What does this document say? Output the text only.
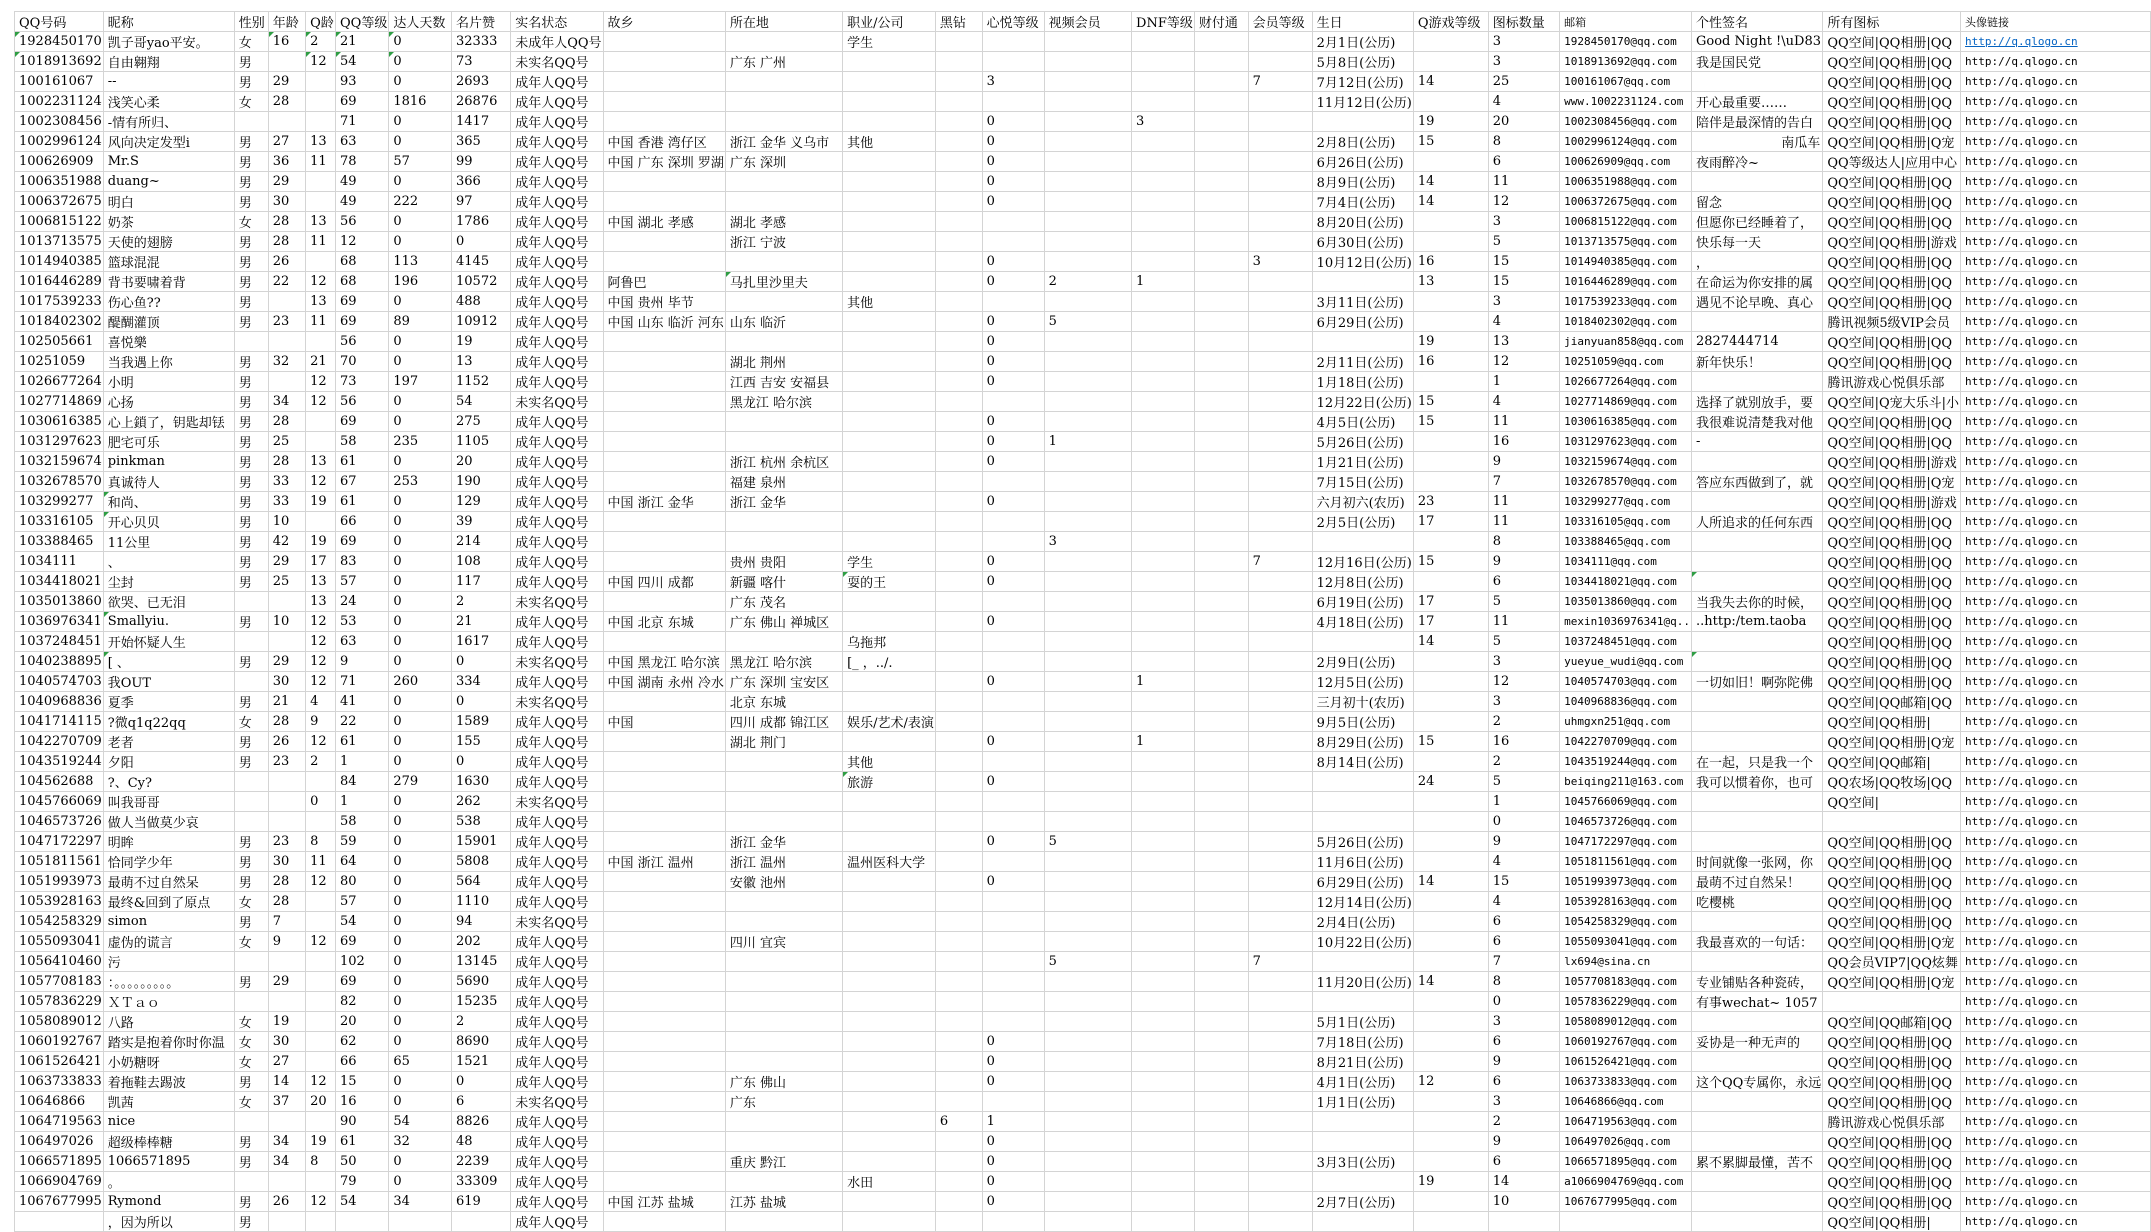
QQ号码	昵称	性别	年龄	Q龄	QQ等级	达人天数	名片赞	实名状态	故乡	所在地	职业/公司	黑钻	心悦等级	视频会员	DNF等级	财付通	会员等级	生日	Q游戏等级	图标数量	邮箱	个性签名	所有图标	头像链接
1928450170	凯子哥yao平安。	女	16	2	21	0	32333	未成年人QQ号			学生							2月1日(公历)		3	1928450170@qq.com	Good Night !\uD83	QQ空间|QQ相册|QQ	http://q.qlogo.cn
1018913692	自由翱翔	男		12	54	0	73	未实名QQ号		广东 广州								5月8日(公历)		3	1018913692@qq.com	我是国民党	QQ空间|QQ相册|QQ	http://q.qlogo.cn
100161067	--	男	29		93	0	2693	成年人QQ号					3				7	7月12日(公历)	14	25	100161067@qq.com		QQ空间|QQ相册|QQ	http://q.qlogo.cn
1002231124	浅笑心柔	女	28		69	1816	26876	成年人QQ号										11月12日(公历)		4	www.1002231124.com	开心最重要……	QQ空间|QQ相册|QQ	http://q.qlogo.cn
1002308456	-情有所归、				71	0	1417	成年人QQ号					0		3				19	20	1002308456@qq.com	陪伴是最深情的告白	QQ空间|QQ相册|QQ	http://q.qlogo.cn
1002996124	风向决定发型i	男	27	13	63	0	365	成年人QQ号	中国 香港 湾仔区	浙江 金华 义乌市	其他		0					2月8日(公历)	15	8	1002996124@qq.com	南瓜车	QQ空间|QQ相册|Q宠	http://q.qlogo.cn
100626909	Mr.S	男	36	11	78	57	99	成年人QQ号	中国 广东 深圳 罗湖	广东 深圳			0					6月26日(公历)		6	100626909@qq.com	夜雨醉冷~	QQ等级达人|应用中心	http://q.qlogo.cn
1006351988	duang~	男	29		49	0	366	成年人QQ号					0					8月9日(公历)	14	11	1006351988@qq.com		QQ空间|QQ相册|QQ	http://q.qlogo.cn
1006372675	明白	男	30		49	222	97	成年人QQ号					0					7月4日(公历)	14	12	1006372675@qq.com	留念	QQ空间|QQ相册|QQ	http://q.qlogo.cn
1006815122	奶茶	女	28	13	56	0	1786	成年人QQ号	中国 湖北 孝感	湖北 孝感								8月20日(公历)		3	1006815122@qq.com	但愿你已经睡着了，	QQ空间|QQ相册|QQ	http://q.qlogo.cn
1013713575	天使的翅膀	男	28	11	12	0	0	成年人QQ号		浙江 宁波								6月30日(公历)		5	1013713575@qq.com	快乐每一天	QQ空间|QQ相册|游戏	http://q.qlogo.cn
1014940385	篮球混混	男	26		68	113	4145	成年人QQ号					0				3	10月12日(公历)	16	15	1014940385@qq.com	，	QQ空间|QQ相册|QQ	http://q.qlogo.cn
1016446289	背书要啸着背	男	22	12	68	196	10572	成年人QQ号	阿鲁巴	马扎里沙里夫			0	2	1				13	15	1016446289@qq.com	在命运为你安排的属	QQ空间|QQ相册|QQ	http://q.qlogo.cn
1017539233	伤心鱼??	男		13	69	0	488	成年人QQ号	中国 贵州 毕节		其他							3月11日(公历)		3	1017539233@qq.com	遇见不论早晚、真心	QQ空间|QQ相册|QQ	http://q.qlogo.cn
1018402302	醍醐灌顶	男	23	11	69	89	10912	成年人QQ号	中国 山东 临沂 河东	山东 临沂			0	5				6月29日(公历)		4	1018402302@qq.com		腾讯视频5级VIP会员	http://q.qlogo.cn
102505661	喜悦樂				56	0	19	成年人QQ号					0						19	13	jianyuan858@qq.com	2827444714	QQ空间|QQ相册|QQ	http://q.qlogo.cn
10251059	当我遇上你	男	32	21	70	0	13	成年人QQ号		湖北 荆州			0					2月11日(公历)	16	12	10251059@qq.com	新年快乐！	QQ空间|QQ相册|QQ	http://q.qlogo.cn
1026677264	小明	男		12	73	197	1152	成年人QQ号		江西 吉安 安福县			0					1月18日(公历)		1	1026677264@qq.com		腾讯游戏心悦俱乐部	http://q.qlogo.cn
1027714869	心扬	男	34	12	56	0	54	未实名QQ号		黑龙江 哈尔滨								12月22日(公历)	15	4	1027714869@qq.com	选择了就别放手，要	QQ空间|Q宠大乐斗|小	http://q.qlogo.cn
1030616385	心上鎖了，钥匙却铥	男	28		69	0	275	成年人QQ号					0					4月5日(公历)	15	11	1030616385@qq.com	我很难说清楚我对他	QQ空间|QQ相册|QQ	http://q.qlogo.cn
1031297623	肥宅可乐	男	25		58	235	1105	成年人QQ号					0	1				5月26日(公历)		16	1031297623@qq.com	-	QQ空间|QQ相册|QQ	http://q.qlogo.cn
1032159674	pinkman	男	28	13	61	0	20	成年人QQ号		浙江 杭州 余杭区			0					1月21日(公历)		9	1032159674@qq.com		QQ空间|QQ相册|游戏	http://q.qlogo.cn
1032678570	真诚待人	男	33	12	67	253	190	成年人QQ号		福建 泉州								7月15日(公历)		7	1032678570@qq.com	答应东西做到了，就	QQ空间|QQ相册|Q宠	http://q.qlogo.cn
103299277	和尚、	男	33	19	61	0	129	成年人QQ号	中国 浙江 金华	浙江 金华			0					六月初六(农历)	23	11	103299277@qq.com		QQ空间|QQ相册|游戏	http://q.qlogo.cn
103316105	开心贝贝	男	10		66	0	39	成年人QQ号										2月5日(公历)	17	11	103316105@qq.com	人所追求的任何东西	QQ空间|QQ相册|QQ	http://q.qlogo.cn
103388465	11公里	男	42	19	69	0	214	成年人QQ号						3						8	103388465@qq.com		QQ空间|QQ相册|QQ	http://q.qlogo.cn
1034111	、	男	29	17	83	0	108	成年人QQ号		贵州 贵阳	学生		0				7	12月16日(公历)	15	9	1034111@qq.com		QQ空间|QQ相册|QQ	http://q.qlogo.cn
1034418021	尘封	男	25	13	57	0	117	成年人QQ号	中国 四川 成都	新疆 喀什	耍的王		0					12月8日(公历)		6	1034418021@qq.com		QQ空间|QQ相册|QQ	http://q.qlogo.cn
1035013860	欲哭、已无泪			13	24	0	2	未实名QQ号		广东 茂名								6月19日(公历)	17	5	1035013860@qq.com	当我失去你的时候，	QQ空间|QQ相册|QQ	http://q.qlogo.cn
1036976341	Smallyiu.	男	10	12	53	0	21	成年人QQ号	中国 北京 东城	广东 佛山 禅城区			0					4月18日(公历)	17	11	mexin1036976341@q..	..http:/tem.taoba	QQ空间|QQ相册|QQ	http://q.qlogo.cn
1037248451	开始怀疑人生			12	63	0	1617	成年人QQ号			乌拖邦								14	5	1037248451@qq.com		QQ空间|QQ相册|QQ	http://q.qlogo.cn
1040238895	[ 、	男	29	12	9	0	0	未实名QQ号	中国 黑龙江 哈尔滨	黑龙江 哈尔滨	[_ ，../.							2月9日(公历)		3	yueyue_wudi@qq.com		QQ空间|QQ相册|QQ	http://q.qlogo.cn
1040574703	我OUT		30	12	71	260	334	成年人QQ号	中国 湖南 永州 冷水	广东 深圳 宝安区			0		1			12月5日(公历)		12	1040574703@qq.com	一切如旧！啊弥陀佛	QQ空间|QQ相册|QQ	http://q.qlogo.cn
1040968836	夏季	男	21	4	41	0	0	未实名QQ号		北京 东城								三月初十(农历)		3	1040968836@qq.com		QQ空间|QQ邮箱|QQ	http://q.qlogo.cn
1041714115	?微q1q22qq	女	28	9	22	0	1589	成年人QQ号	中国	四川 成都 锦江区	娱乐/艺术/表演							9月5日(公历)		2	uhmgxn251@qq.com		QQ空间|QQ相册|	http://q.qlogo.cn
1042270709	老者	男	26	12	61	0	155	成年人QQ号		湖北 荆门			0		1			8月29日(公历)	15	16	1042270709@qq.com		QQ空间|QQ相册|Q宠	http://q.qlogo.cn
1043519244	夕阳	男	23	2	1	0	0	成年人QQ号			其他							8月14日(公历)		2	1043519244@qq.com	在一起，只是我一个	QQ空间|QQ邮箱|	http://q.qlogo.cn
104562688	?、Cy?				84	279	1630	成年人QQ号			旅游		0						24	5	beiqing211@163.com	我可以惯着你，也可	QQ农场|QQ牧场|QQ	http://q.qlogo.cn
1045766069	叫我哥哥			0	1	0	262	未实名QQ号												1	1045766069@qq.com		QQ空间|	http://q.qlogo.cn
1046573726	做人当做莫少哀				58	0	538	成年人QQ号												0	1046573726@qq.com			http://q.qlogo.cn
1047172297	明眸	男	23	8	59	0	15901	成年人QQ号		浙江 金华			0	5				5月26日(公历)		9	1047172297@qq.com		QQ空间|QQ相册|QQ	http://q.qlogo.cn
1051811561	恰同学少年	男	30	11	64	0	5808	成年人QQ号	中国 浙江 温州	浙江 温州	温州医科大学							11月6日(公历)		4	1051811561@qq.com	时间就像一张网，你	QQ空间|QQ相册|QQ	http://q.qlogo.cn
1051993973	最萌不过自然呆	男	28	12	80	0	564	成年人QQ号		安徽 池州			0					6月29日(公历)	14	15	1051993973@qq.com	最萌不过自然呆！	QQ空间|QQ相册|QQ	http://q.qlogo.cn
1053928163	最终&回到了原点	女	28		57	0	1110	成年人QQ号										12月14日(公历)		4	1053928163@qq.com	吃樱桃	QQ空间|QQ相册|QQ	http://q.qlogo.cn
1054258329	simon	男	7		54	0	94	未实名QQ号										2月4日(公历)		6	1054258329@qq.com		QQ空间|QQ相册|QQ	http://q.qlogo.cn
1055093041	虚伪的谎言	女	9	12	69	0	202	成年人QQ号		四川 宜宾								10月22日(公历)		6	1055093041@qq.com	我最喜欢的一句话：	QQ空间|QQ相册|Q宠	http://q.qlogo.cn
1056410460	污				102	0	13145	成年人QQ号						5			7			7	lx694@sina.cn		QQ会员VIP7|QQ炫舞	http://q.qlogo.cn
1057708183	：。。。。。。。。。	男	29		69	0	5690	成年人QQ号										11月20日(公历)	14	8	1057708183@qq.com	专业铺贴各种瓷砖，	QQ空间|QQ相册|Q宠	http://q.qlogo.cn
1057836229	ＸＴａｏ				82	0	15235	成年人QQ号												0	1057836229@qq.com	有事wechat~ 1057		http://q.qlogo.cn
1058089012	八路	女	19		20	0	2	成年人QQ号										5月1日(公历)		3	1058089012@qq.com		QQ空间|QQ邮箱|QQ	http://q.qlogo.cn
1060192767	踏实是抱着你时你温	女	30		62	0	8690	成年人QQ号					0					7月18日(公历)		6	1060192767@qq.com	妥协是一种无声的	QQ空间|QQ相册|QQ	http://q.qlogo.cn
1061526421	小奶糖呀	女	27		66	65	1521	成年人QQ号					0					8月21日(公历)		9	1061526421@qq.com		QQ空间|QQ相册|QQ	http://q.qlogo.cn
1063733833	着拖鞋去踢波	男	14	12	15	0	0	成年人QQ号		广东 佛山			0					4月1日(公历)	12	6	1063733833@qq.com	这个QQ专属你，永远	QQ空间|QQ相册|QQ	http://q.qlogo.cn
10646866	凯茜	女	37	20	16	0	6	未实名QQ号		广东								1月1日(公历)		3	10646866@qq.com		QQ空间|QQ相册|QQ	http://q.qlogo.cn
1064719563	nice				90	54	8826	成年人QQ号				6	1							2	1064719563@qq.com		腾讯游戏心悦俱乐部	http://q.qlogo.cn
106497026	超级棒棒糖	男	34	19	61	32	48	成年人QQ号					0							9	106497026@qq.com		QQ空间|QQ相册|QQ	http://q.qlogo.cn
1066571895	1066571895	男	34	8	50	0	2239	成年人QQ号		重庆 黔江			0					3月3日(公历)		6	1066571895@qq.com	累不累脚最懂，苦不	QQ空间|QQ相册|QQ	http://q.qlogo.cn
1066904769	。				79	0	33309	成年人QQ号			水田		0						19	14	a1066904769@qq.com		QQ空间|QQ相册|QQ	http://q.qlogo.cn
1067677995	Rymond	男	26	12	54	34	619	成年人QQ号	中国 江苏 盐城	江苏 盐城			0					2月7日(公历)		10	1067677995@qq.com		QQ空间|QQ相册|QQ	http://q.qlogo.cn
	，因为所以	男						成年人QQ号															QQ空间|QQ相册|	http://q.qlogo.cn
